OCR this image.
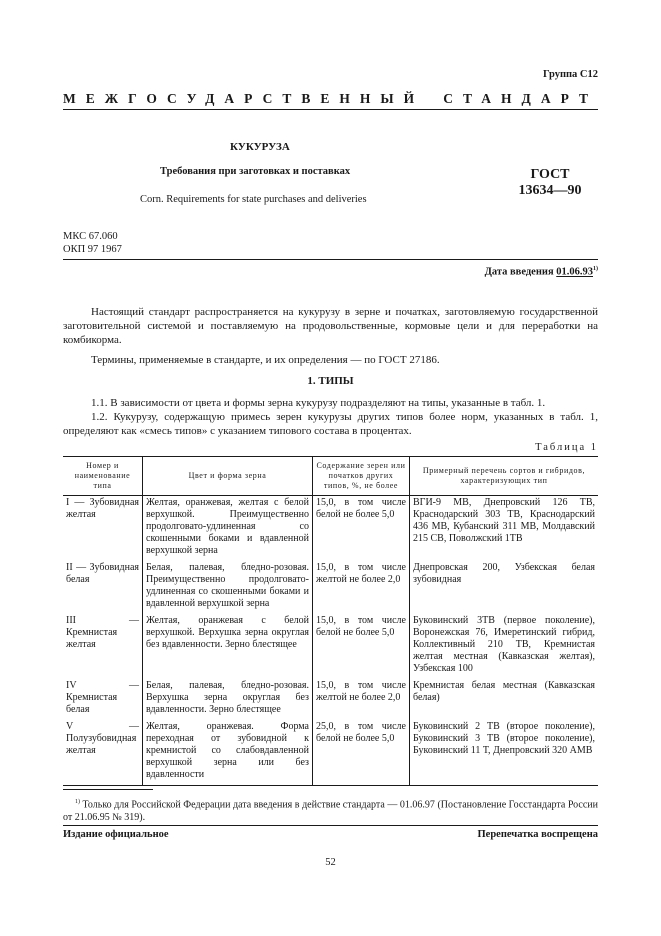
Группа С12
МЕЖГОСУДАРСТВЕННЫЙ СТАНДАРТ
КУКУРУЗА
Требования при заготовках и поставках
Corn. Requirements for state purchases and deliveries
ГОСТ
13634—90
МКС 67.060
ОКП 97 1967
Дата введения 01.06.93$^{1)}$

Настоящий стандарт распространяется на кукурузу в зерне и початках, заготовляемую государственной заготовительной системой и поставляемую на продовольственные, кормовые цели и для переработки на комбикорма.

Термины, применяемые в стандарте, и их определения — по ГОСТ 27186.

1. ТИПЫ

1.1. В зависимости от цвета и формы зерна кукурузу подразделяют на типы, указанные в табл. 1.

1.2. Кукурузу, содержащую примесь зерен кукурузы других типов более норм, указанных в табл. 1, определяют как «смесь типов» с указанием типового состава в процентах.

Таблица 1
Номер и наименование типа	Цвет и форма зерна	Содержание зерен или початков других типов, %, не более	Примерный перечень сортов и гибридов, характеризующих тип
I — Зубовидная желтая	Желтая, оранжевая, желтая с белой верхушкой. Преимущественно продолговато-удлиненная со скошенными боками и вдавленной верхушкой зерна	15,0, в том числе белой не более 5,0	ВГИ-9 МВ, Днепровский 126 ТВ, Краснодарский 303 ТВ, Краснодарский 436 МВ, Кубанский 311 МВ, Молдавский 215 СВ, Поволжский 1ТВ
II — Зубовидная белая	Белая, палевая, бледно-розовая. Преимущественно продолговато-удлиненная со скошенными боками и вдавленной верхушкой зерна	15,0, в том числе желтой не более 2,0	Днепровская 200, Узбекская белая зубовидная
III — Кремнистая желтая	Желтая, оранжевая с белой верхушкой. Верхушка зерна округлая без вдавленности. Зерно блестящее	15,0, в том числе белой не более 5,0	Буковинский 3ТВ (первое поколение), Воронежская 76, Имеретинский гибрид, Коллективный 210 ТВ, Кремнистая желтая местная (Кавказская желтая), Узбекская 100
IV — Кремнистая белая	Белая, палевая, бледно-розовая. Верхушка зерна округлая без вдавленности. Зерно блестящее	15,0, в том числе желтой не более 2,0	Кремнистая белая местная (Кавказская белая)
V — Полузубовидная желтая	Желтая, оранжевая. Форма переходная от зубовидной к кремнистой со слабовдавленной верхушкой зерна или без вдавленности	25,0, в том числе белой не более 5,0	Буковинский 2 ТВ (второе поколение), Буковинский 3 ТВ (второе поколение), Буковинский 11 Т, Днепровский 320 АМВ
$^{1)}$ Только для Российской Федерации дата введения в действие стандарта — 01.06.97 (Постановление Госстандарта России от 21.06.95 № 319).
Издание официальное	Перепечатка воспрещена
52
